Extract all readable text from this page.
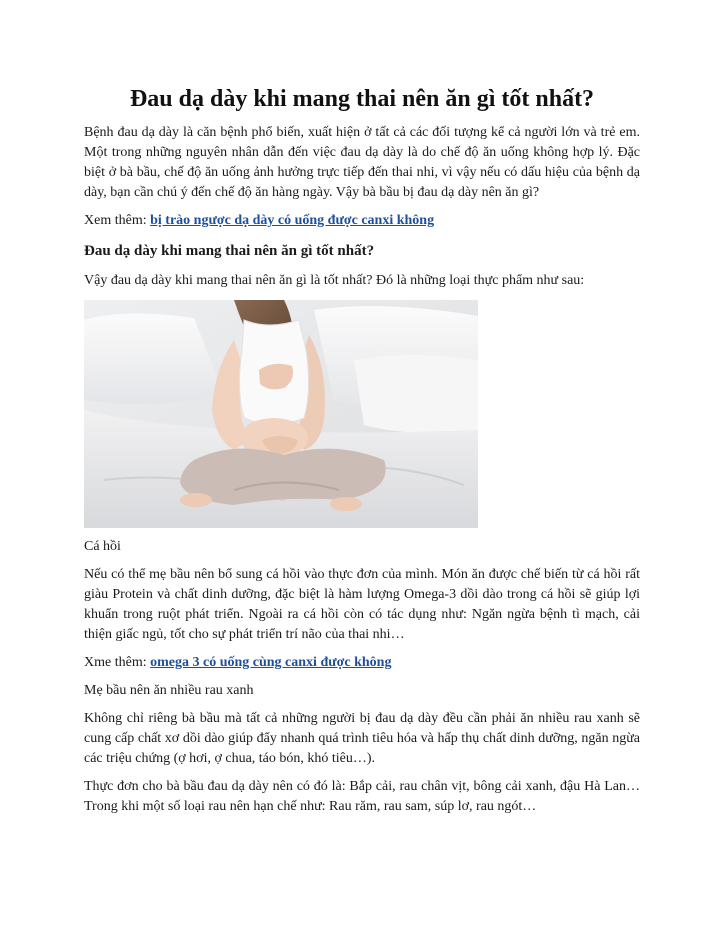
Đau dạ dày khi mang thai nên ăn gì tốt nhất?

Bệnh đau dạ dày là căn bệnh phổ biến, xuất hiện ở tất cả các đối tượng kể cả người lớn và trẻ em. Một trong những nguyên nhân dẫn đến việc đau dạ dày là do chế độ ăn uống không hợp lý. Đặc biệt ở bà bầu, chế độ ăn uống ảnh hưởng trực tiếp đến thai nhi, vì vậy nếu có dấu hiệu của bệnh dạ dày, bạn cần chú ý đến chế độ ăn hàng ngày. Vậy bà bầu bị đau dạ dày nên ăn gì?

Xem thêm: bị trào ngược dạ dày có uống được canxi không

Đau dạ dày khi mang thai nên ăn gì tốt nhất?

Vậy đau dạ dày khi mang thai nên ăn gì là tốt nhất? Đó là những loại thực phẩm như sau:

Cá hồi

Nếu có thể mẹ bầu nên bổ sung cá hồi vào thực đơn của mình. Món ăn được chế biến từ cá hồi rất giàu Protein và chất dinh dưỡng, đặc biệt là hàm lượng Omega-3 dồi dào trong cá hồi sẽ giúp lợi khuẩn trong ruột phát triển. Ngoài ra cá hồi còn có tác dụng như: Ngăn ngừa bệnh tì mạch, cải thiện giấc ngủ, tốt cho sự phát triển trí não của thai nhi…

Xme thêm: omega 3 có uống cùng canxi được không

Mẹ bầu nên ăn nhiều rau xanh

Không chỉ riêng bà bầu mà tất cả những người bị đau dạ dày đều cần phải ăn nhiều rau xanh sẽ cung cấp chất xơ dồi dào giúp đẩy nhanh quá trình tiêu hóa và hấp thụ chất dinh dưỡng, ngăn ngừa các triệu chứng (ợ hơi, ợ chua, táo bón, khó tiêu…).

Thực đơn cho bà bầu đau dạ dày nên có đó là: Bắp cải, rau chân vịt, bông cải xanh, đậu Hà Lan…Trong khi một số loại rau nên hạn chế như: Rau răm, rau sam, súp lơ, rau ngót…
